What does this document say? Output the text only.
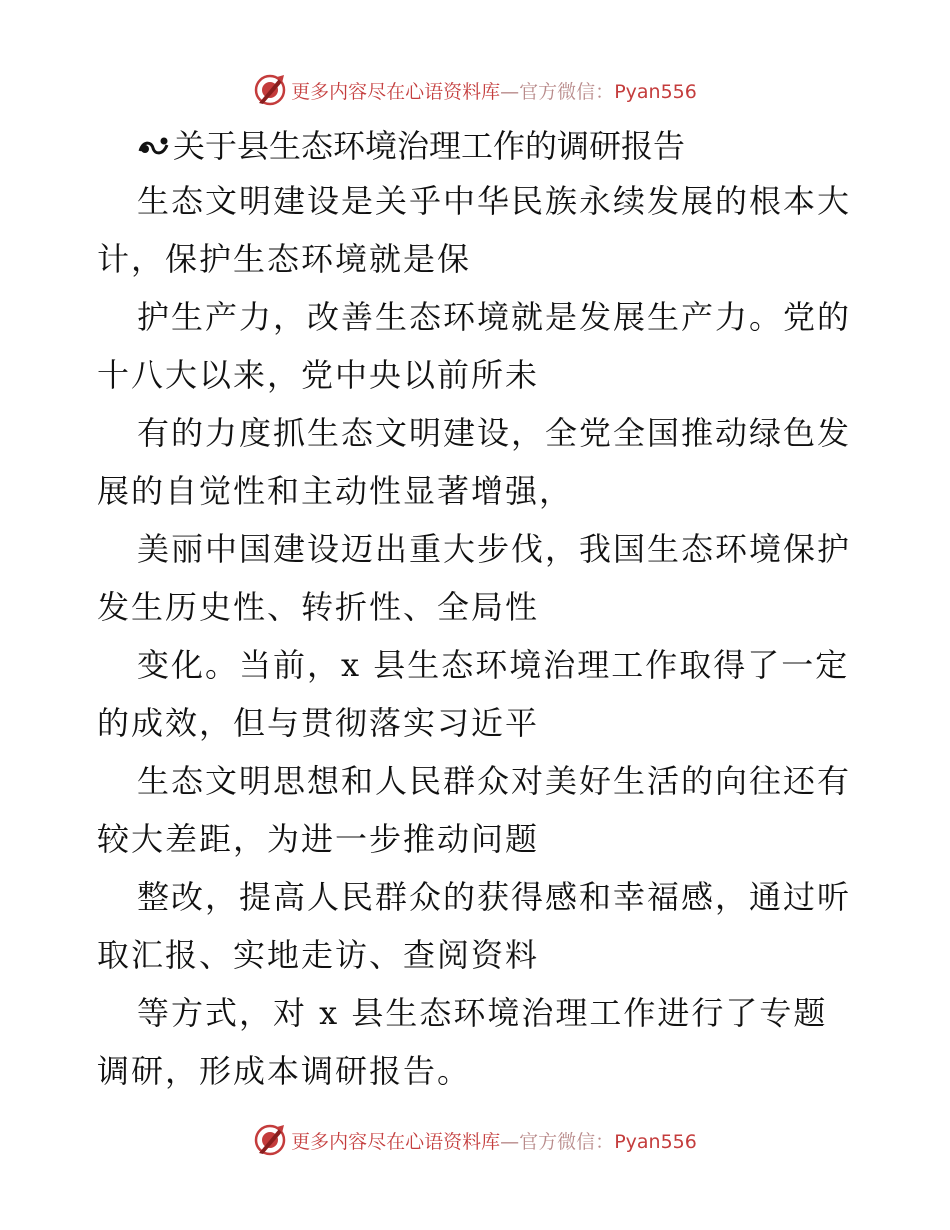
更多内容尽在心语资料库—官方微信：Pyan556
关于县生态环境治理工作的调研报告
生态文明建设是关乎中华民族永续发展的根本大
计，保护生态环境就是保
护生产力，改善生态环境就是发展生产力。党的
十八大以来，党中央以前所未
有的力度抓生态文明建设，全党全国推动绿色发
展的自觉性和主动性显著增强，
美丽中国建设迈出重大步伐，我国生态环境保护
发生历史性、转折性、全局性
变化。当前，x 县生态环境治理工作取得了一定
的成效，但与贯彻落实习近平
生态文明思想和人民群众对美好生活的向往还有
较大差距，为进一步推动问题
整改，提高人民群众的获得感和幸福感，通过听
取汇报、实地走访、查阅资料
等方式，对 x 县生态环境治理工作进行了专题
调研，形成本调研报告。
更多内容尽在心语资料库—官方微信：Pyan556
